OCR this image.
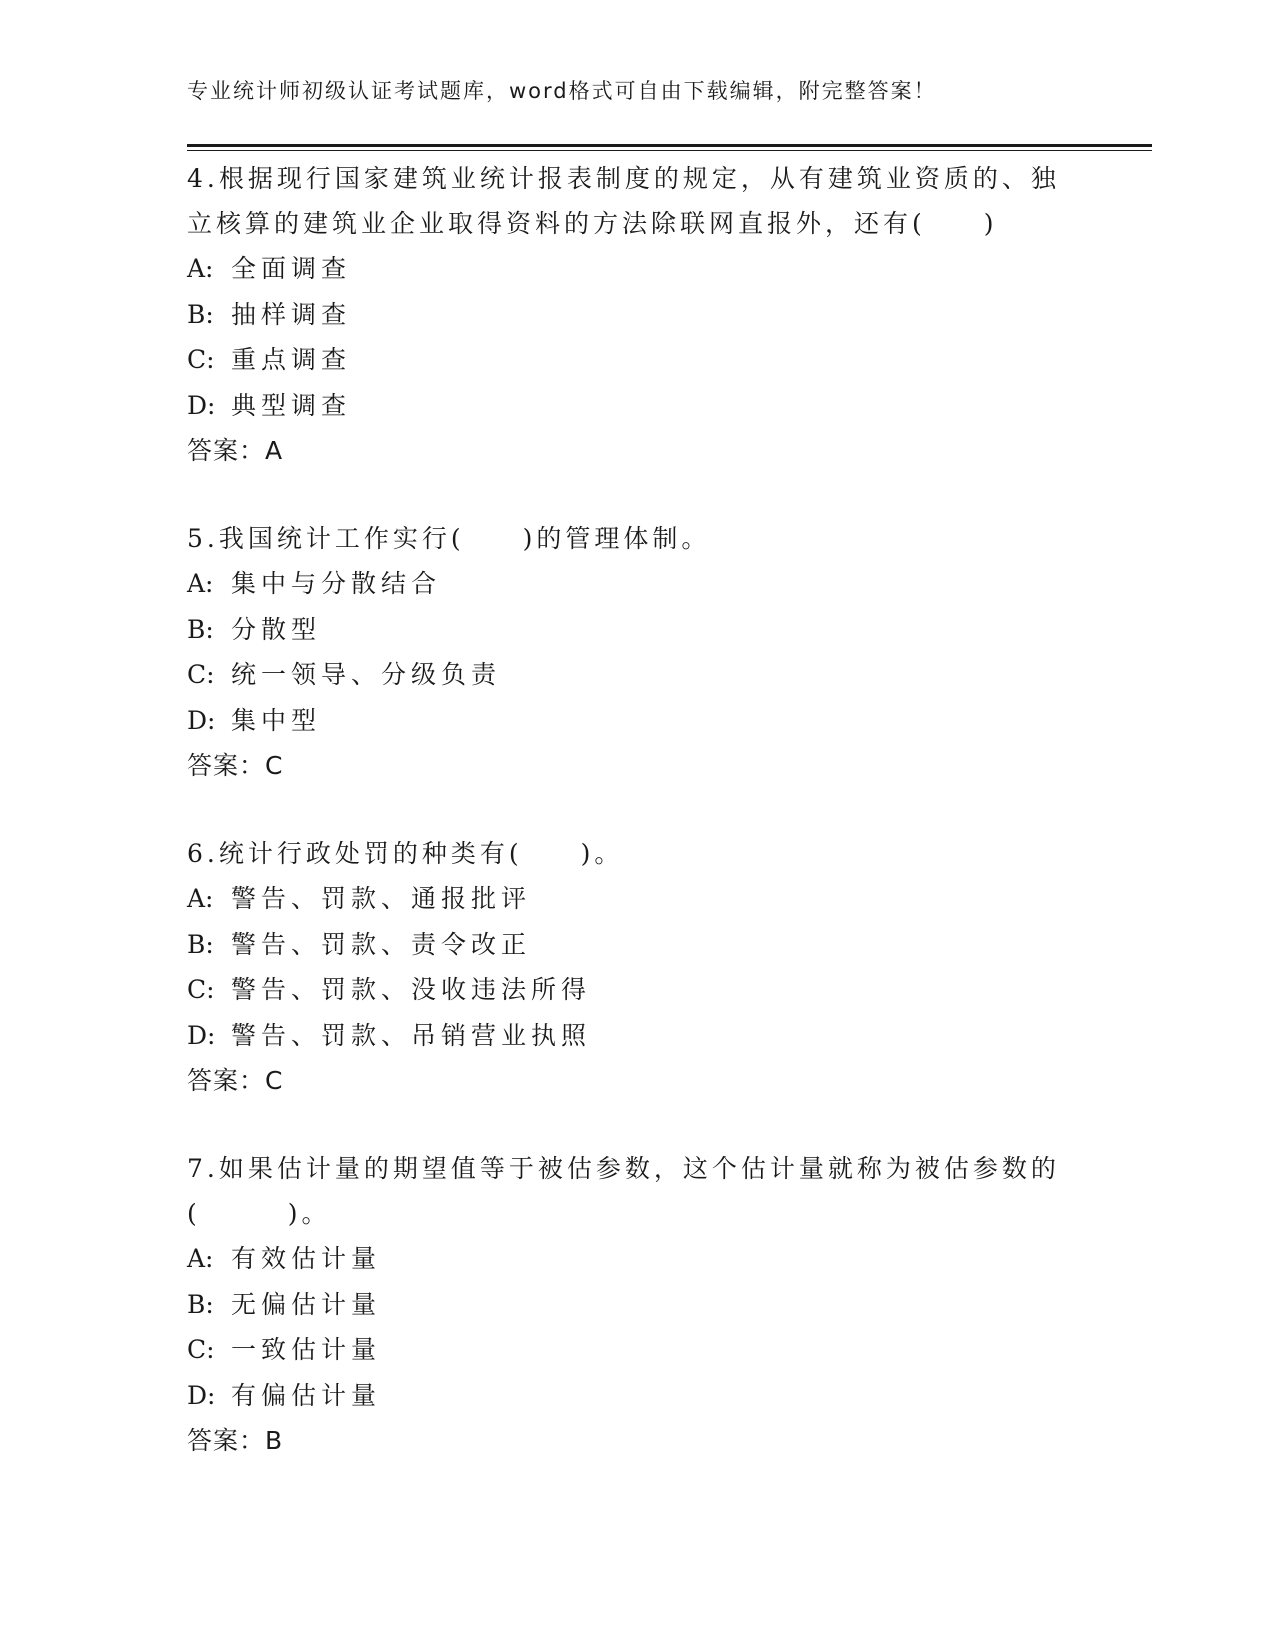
专业统计师初级认证考试题库，word格式可自由下载编辑，附完整答案！

4.根据现行国家建筑业统计报表制度的规定，从有建筑业资质的、独立核算的建筑业企业取得资料的方法除联网直报外，还有(　　)

A: 全面调查

B: 抽样调查

C: 重点调查

D: 典型调查

答案：A

5.我国统计工作实行(　　)的管理体制。

A: 集中与分散结合

B: 分散型

C: 统一领导、分级负责

D: 集中型

答案：C

6.统计行政处罚的种类有(　　)。

A: 警告、罚款、通报批评

B: 警告、罚款、责令改正

C: 警告、罚款、没收违法所得

D: 警告、罚款、吊销营业执照

答案：C

7.如果估计量的期望值等于被估参数，这个估计量就称为被估参数的(　　　)。

A: 有效估计量

B: 无偏估计量

C: 一致估计量

D: 有偏估计量

答案：B
